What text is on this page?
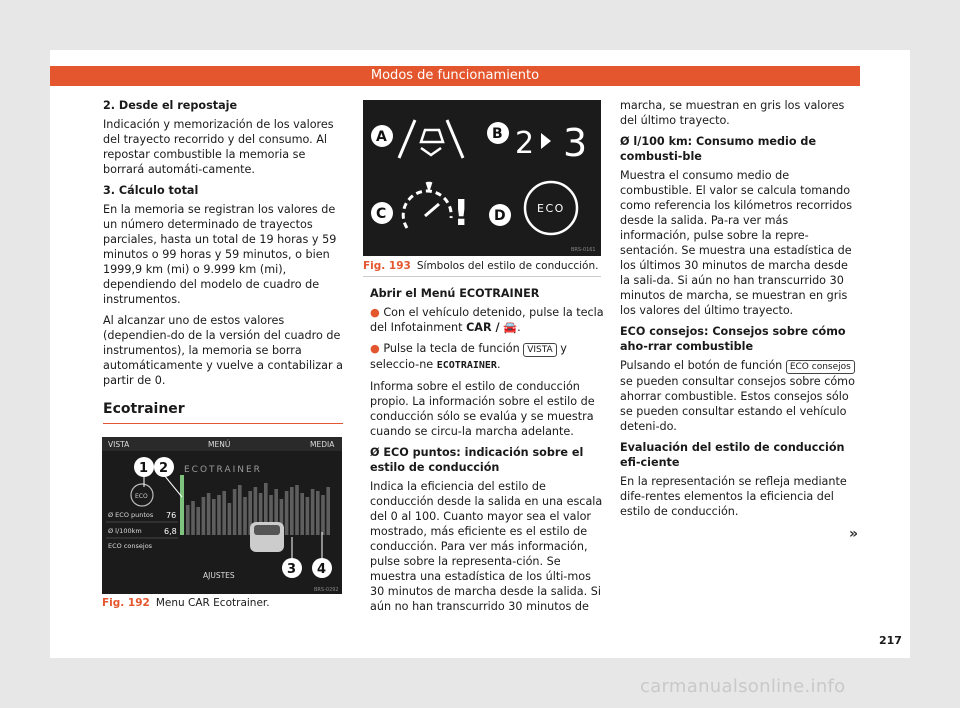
Modos de funcionamiento
2. Desde el repostaje

Indicación y memorización de los valores del trayecto recorrido y del consumo. Al repostar combustible la memoria se borrará automáti-camente.

3. Cálculo total

En la memoria se registran los valores de un número determinado de trayectos parciales, hasta un total de 19 horas y 59 minutos o 99 horas y 59 minutos, o bien 1999,9 km (mi) o 9.999 km (mi), dependiendo del modelo de cuadro de instrumentos.

Al alcanzar uno de estos valores (dependien-do de la versión del cuadro de instrumentos), la memoria se borra automáticamente y vuelve a contabilizar a partir de 0.

Ecotrainer

VISTA	MENÚ	MEDIA
ECOTRAINER
ECO
Ø ECO puntos 76
Ø l/100km	6,8
ECO consejos
AJUSTES
1 2
3 4
BRS-0292
Fig. 192 Menu CAR Ecotrainer.
A	B 2 3
C ! D	ECO
BRS-0161
Fig. 193 Símbolos del estilo de conducción.
Abrir el Menú ECOTRAINER

● Con el vehículo detenido, pulse la tecla del Infotainment CAR / 🚘.

● Pulse la tecla de función VISTA y seleccio-ne ECOTRAINER.

Informa sobre el estilo de conducción propio. La información sobre el estilo de conducción sólo se evalúa y se muestra cuando se circu-la marcha adelante.

Ø ECO puntos: indicación sobre el estilo de conducción

Indica la eficiencia del estilo de conducción desde la salida en una escala del 0 al 100. Cuanto mayor sea el valor mostrado, más eficiente es el estilo de conducción. Para ver más información, pulse sobre la representa-ción. Se muestra una estadística de los últi-mos 30 minutos de marcha desde la salida. Si aún no han transcurrido 30 minutos de

marcha, se muestran en gris los valores del último trayecto.

Ø l/100 km: Consumo medio de combusti-ble

Muestra el consumo medio de combustible. El valor se calcula tomando como referencia los kilómetros recorridos desde la salida. Pa-ra ver más información, pulse sobre la repre-sentación. Se muestra una estadística de los últimos 30 minutos de marcha desde la sali-da. Si aún no han transcurrido 30 minutos de marcha, se muestran en gris los valores del último trayecto.

ECO consejos: Consejos sobre cómo aho-rrar combustible

Pulsando el botón de función ECO consejos se pueden consultar consejos sobre cómo ahorrar combustible. Estos consejos sólo se pueden consultar estando el vehículo deteni-do.

Evaluación del estilo de conducción efi-ciente

En la representación se refleja mediante dife-rentes elementos la eficiencia del estilo de conducción.

»
217
carmanualsonline.info
